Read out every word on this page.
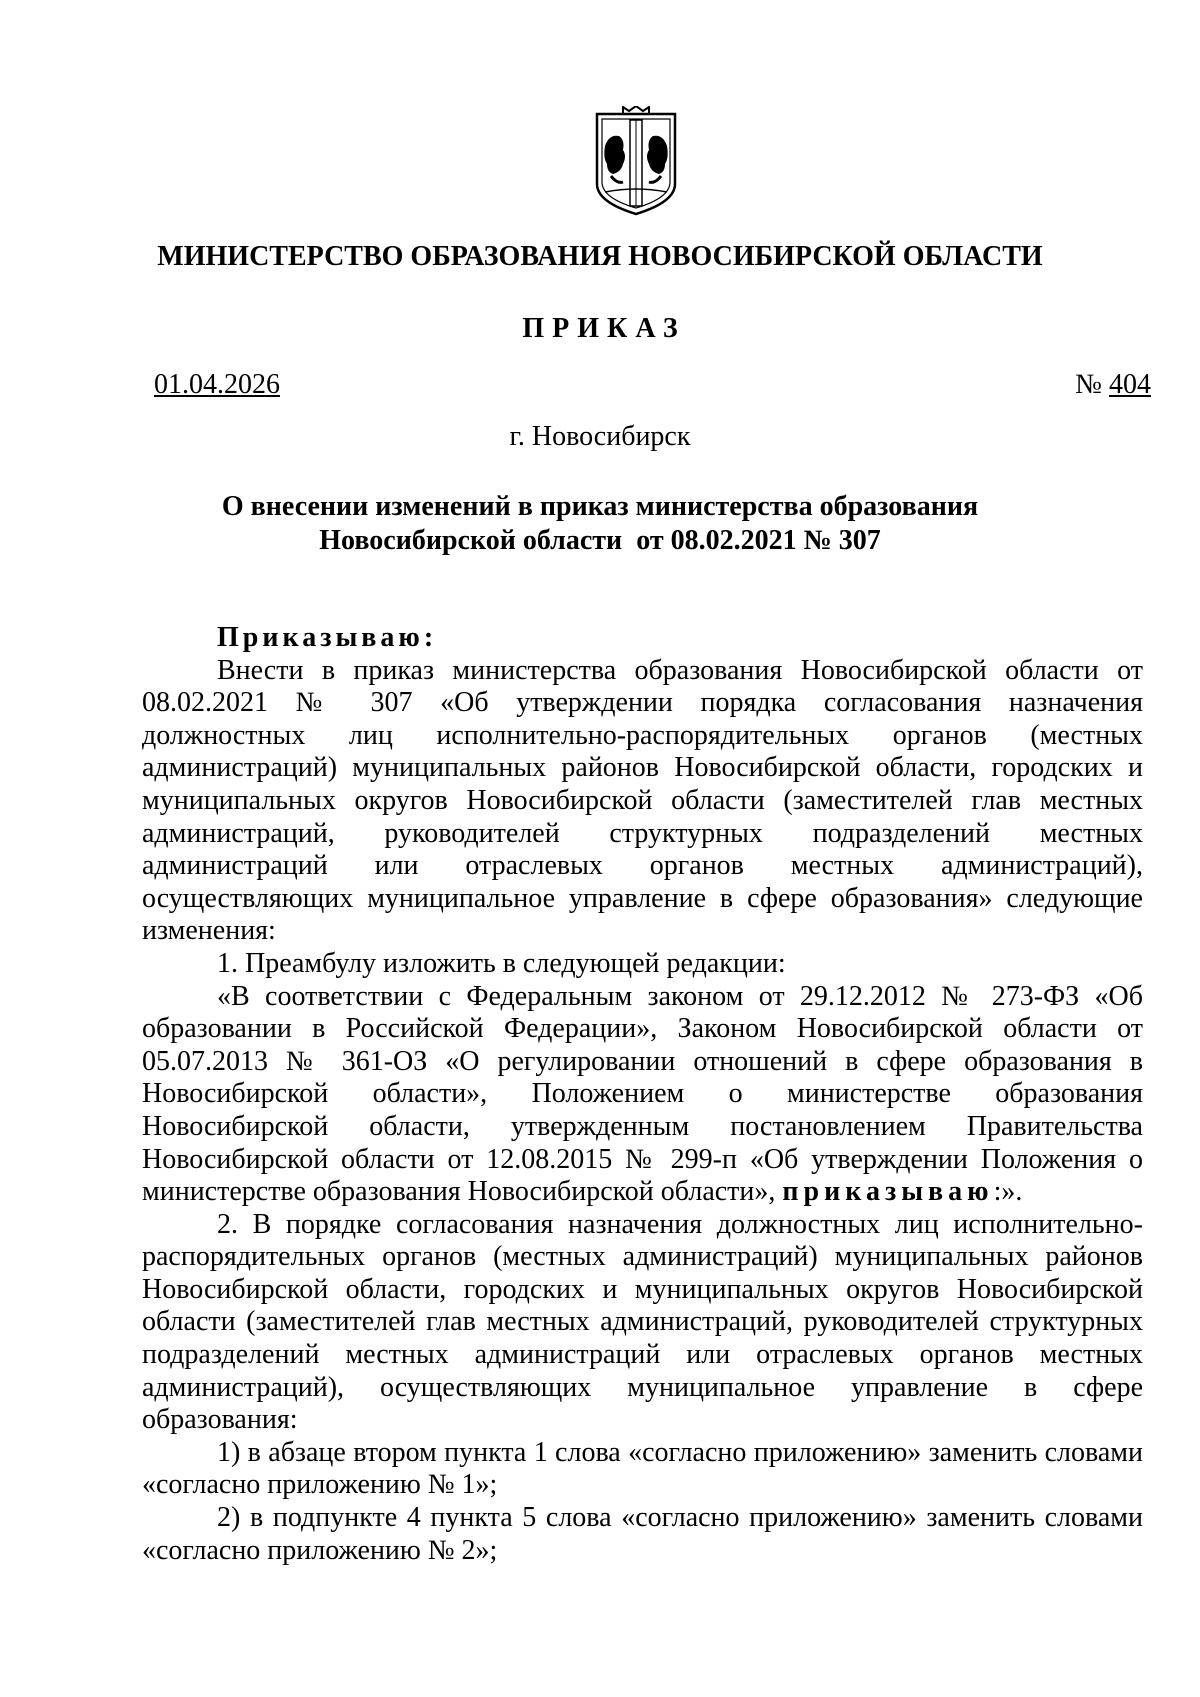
МИНИСТЕРСТВО ОБРАЗОВАНИЯ НОВОСИБИРСКОЙ ОБЛАСТИ
ПРИКАЗ
01.04.2026	№ 404
г. Новосибирск
О внесении изменений в приказ министерства образования
Новосибирской области  от 08.02.2021 № 307

Приказываю:

Внести в приказ министерства образования Новосибирской области от 08.02.2021 № 307 «Об утверждении порядка согласования назначения должностных лиц исполнительно-распорядительных органов (местных администраций) муниципальных районов Новосибирской области, городских и муниципальных округов Новосибирской области (заместителей глав местных администраций, руководителей структурных подразделений местных администраций или отраслевых органов местных администраций), осуществляющих муниципальное управление в сфере образования» следующие изменения:

1. Преамбулу изложить в следующей редакции:

«В соответствии с Федеральным законом от 29.12.2012 № 273-ФЗ «Об образовании в Российской Федерации», Законом Новосибирской области от 05.07.2013 № 361-ОЗ «О регулировании отношений в сфере образования в Новосибирской области», Положением о министерстве образования Новосибирской области, утвержденным постановлением Правительства Новосибирской области от 12.08.2015 № 299-п «Об утверждении Положения о министерстве образования Новосибирской области», приказываю:».

2. В порядке согласования назначения должностных лиц исполнительно-распорядительных органов (местных администраций) муниципальных районов Новосибирской области, городских и муниципальных округов Новосибирской области (заместителей глав местных администраций, руководителей структурных подразделений местных администраций или отраслевых органов местных администраций), осуществляющих муниципальное управление в сфере образования:

1) в абзаце втором пункта 1 слова «согласно приложению» заменить словами «согласно приложению № 1»;

2) в подпункте 4 пункта 5 слова «согласно приложению» заменить словами «согласно приложению № 2»;
